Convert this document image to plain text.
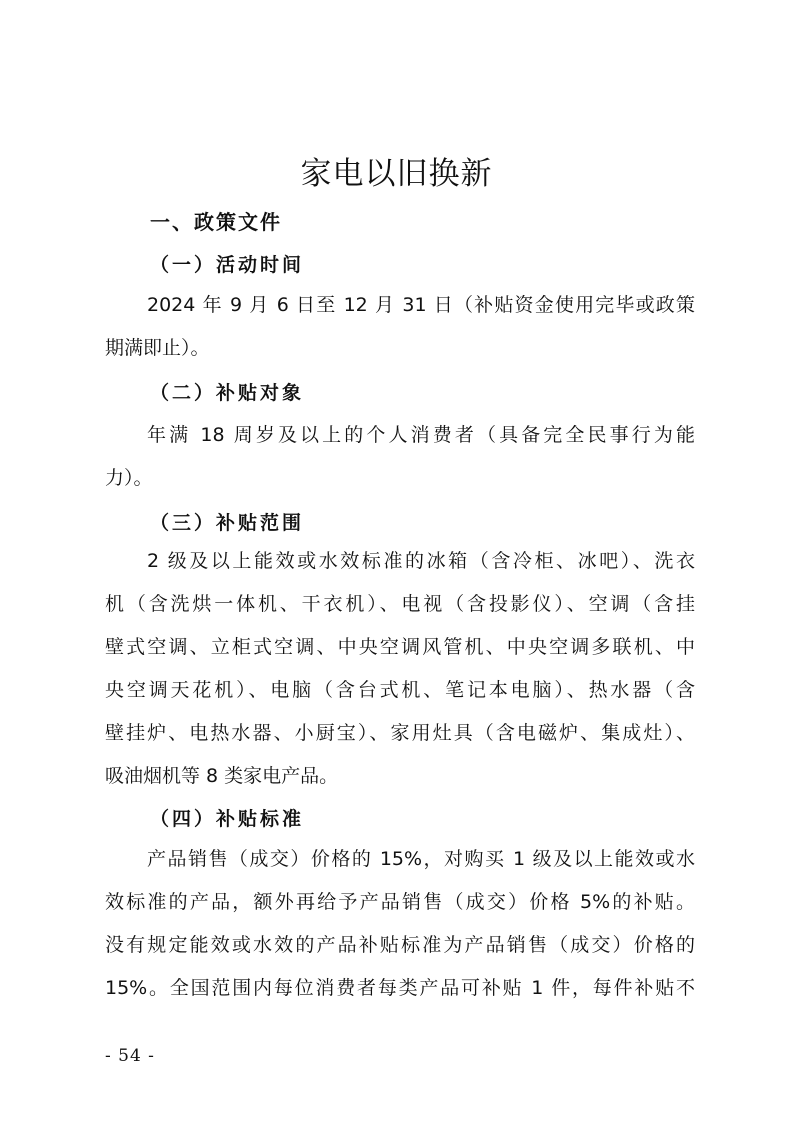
家电以旧换新
一、政策文件
（一）活动时间

2024 年 9 月 6 日至 12 月 31 日（补贴资金使用完毕或政策
期满即止）。

（二）补贴对象

年满 18 周岁及以上的个人消费者（具备完全民事行为能
力）。

（三）补贴范围

2 级及以上能效或水效标准的冰箱（含冷柜、冰吧）、洗衣
机（含洗烘一体机、干衣机）、电视（含投影仪）、空调（含挂
壁式空调、立柜式空调、中央空调风管机、中央空调多联机、中
央空调天花机）、电脑（含台式机、笔记本电脑）、热水器（含
壁挂炉、电热水器、小厨宝）、家用灶具（含电磁炉、集成灶）、
吸油烟机等 8 类家电产品。

（四）补贴标准

产品销售（成交）价格的 15%，对购买 1 级及以上能效或水
效标准的产品，额外再给予产品销售（成交）价格 5%的补贴。
没有规定能效或水效的产品补贴标准为产品销售（成交）价格的
15%。全国范围内每位消费者每类产品可补贴 1 件，每件补贴不

- 54 -
